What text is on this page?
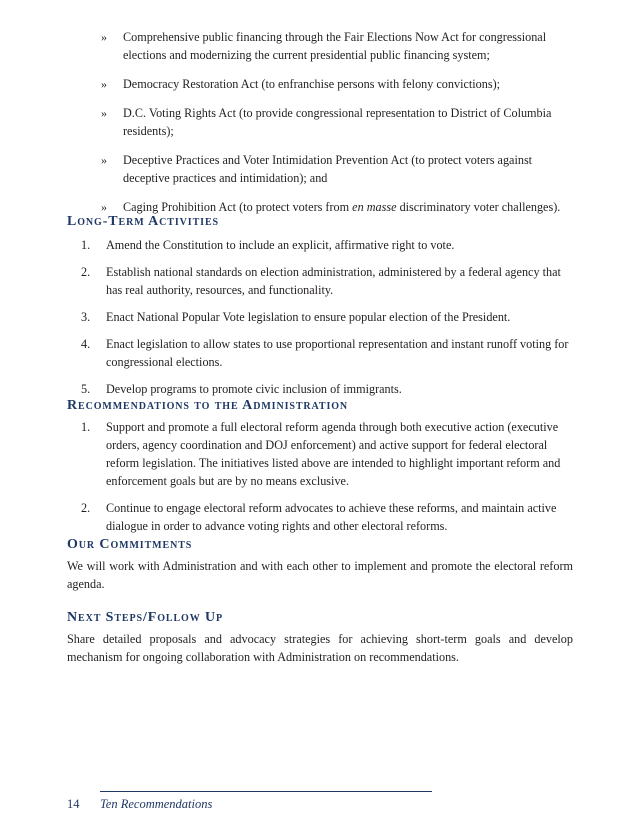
» Comprehensive public financing through the Fair Elections Now Act for congressional elections and modernizing the current presidential public financing system;
» Democracy Restoration Act (to enfranchise persons with felony convictions);
» D.C. Voting Rights Act (to provide congressional representation to District of Columbia residents);
» Deceptive Practices and Voter Intimidation Prevention Act (to protect voters against deceptive practices and intimidation); and
» Caging Prohibition Act (to protect voters from en masse discriminatory voter challenges).
Long-Term Activities
1. Amend the Constitution to include an explicit, affirmative right to vote.
2. Establish national standards on election administration, administered by a federal agency that has real authority, resources, and functionality.
3. Enact National Popular Vote legislation to ensure popular election of the President.
4. Enact legislation to allow states to use proportional representation and instant runoff voting for congressional elections.
5. Develop programs to promote civic inclusion of immigrants.
Recommendations to the Administration
1. Support and promote a full electoral reform agenda through both executive action (executive orders, agency coordination and DOJ enforcement) and active support for federal electoral reform legislation. The initiatives listed above are intended to highlight important reform and enforcement goals but are by no means exclusive.
2. Continue to engage electoral reform advocates to achieve these reforms, and maintain active dialogue in order to advance voting rights and other electoral reforms.
Our Commitments

We will work with Administration and with each other to implement and promote the electoral reform agenda.

Next Steps/Follow Up

Share detailed proposals and advocacy strategies for achieving short-term goals and develop mechanism for ongoing collaboration with Administration on recommendations.

14 Ten Recommendations
